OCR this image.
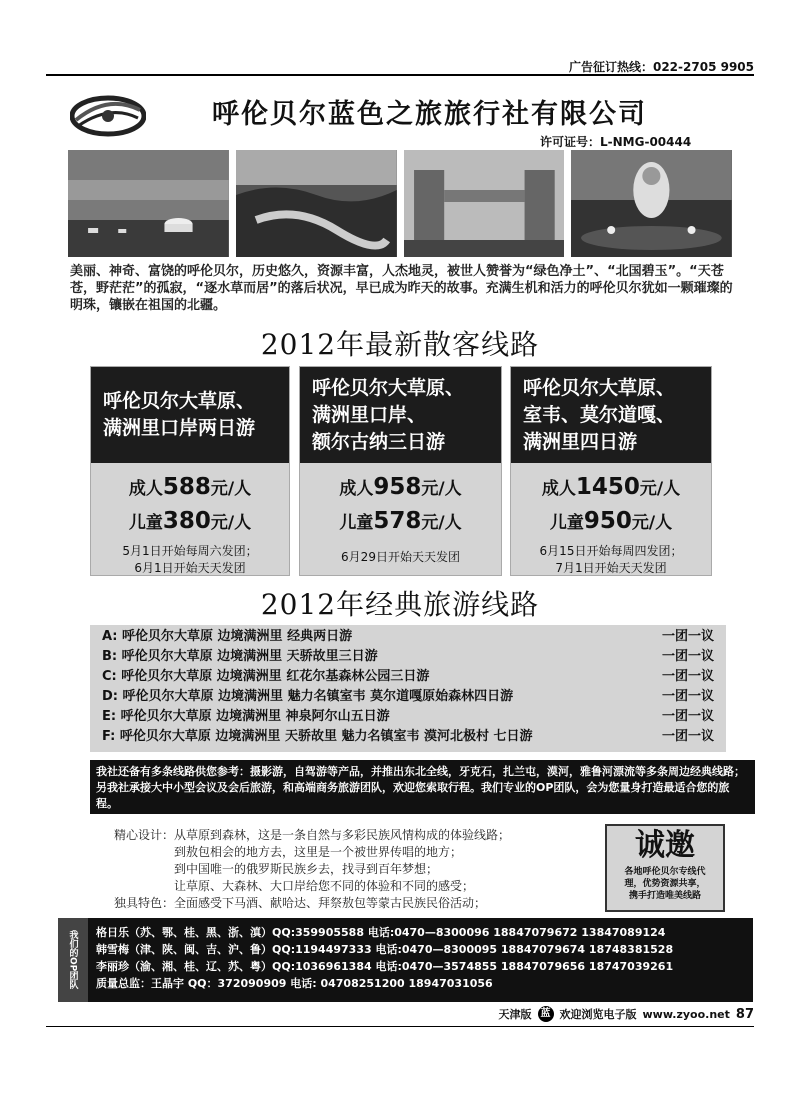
广告征订热线：022-2705 9905
呼伦贝尔蓝色之旅旅行社有限公司
许可证号：L-NMG-00444
美丽、神奇、富饶的呼伦贝尔，历史悠久，资源丰富，人杰地灵，被世人赞誉为“绿色净土”、“北国碧玉”。“天苍苍，野茫茫”的孤寂，“逐水草而居”的落后状况，早已成为昨天的故事。充满生机和活力的呼伦贝尔犹如一颗璀璨的明珠，镶嵌在祖国的北疆。
2012年最新散客线路
呼伦贝尔大草原、
满洲里口岸两日游
成人588元/人
儿童380元/人
5月1日开始每周六发团；
6月1日开始天天发团
呼伦贝尔大草原、
满洲里口岸、
额尔古纳三日游
成人958元/人
儿童578元/人
6月29日开始天天发团
呼伦贝尔大草原、
室韦、莫尔道嘎、
满洲里四日游
成人1450元/人
儿童950元/人
6月15日开始每周四发团；
7月1日开始天天发团
2012年经典旅游线路
A: 呼伦贝尔大草原 边境满洲里 经典两日游	一团一议
B: 呼伦贝尔大草原 边境满洲里 天骄故里三日游	一团一议
C: 呼伦贝尔大草原 边境满洲里 红花尔基森林公园三日游	一团一议
D: 呼伦贝尔大草原 边境满洲里 魅力名镇室韦 莫尔道嘎原始森林四日游	一团一议
E: 呼伦贝尔大草原 边境满洲里 神泉阿尔山五日游	一团一议
F: 呼伦贝尔大草原 边境满洲里 天骄故里 魅力名镇室韦 漠河北极村 七日游	一团一议
我社还备有多条线路供您参考：摄影游，自驾游等产品，并推出东北全线，牙克石，扎兰屯，漠河，雅鲁河漂流等多条周边经典线路；另我社承接大中小型会议及会后旅游，和高端商务旅游团队，欢迎您索取行程。我们专业的OP团队，会为您量身打造最适合您的旅程。
精心设计： 从草原到森林，这是一条自然与多彩民族风情构成的体验线路；
到敖包相会的地方去，这里是一个被世界传唱的地方；
到中国唯一的俄罗斯民族乡去，找寻到百年梦想；
让草原、大森林、大口岸给您不同的体验和不同的感受；
独具特色： 全面感受下马酒、献哈达、拜祭敖包等蒙古民族民俗活动；
诚邀
各地呼伦贝尔专线代
理，优势资源共享，
携手打造唯美线路
我们的OP团队	格日乐（苏、鄂、桂、黑、浙、滇）QQ:359905588 电话:0470—8300096 18847079672 13847089124
韩雪梅（津、陕、闽、吉、沪、鲁）QQ:1194497333 电话:0470—8300095 18847079674 18748381528
李丽珍（渝、湘、桂、辽、苏、粤）QQ:1036961384 电话:0470—3574855 18847079656 18747039261
质量总监：王晶宇 QQ：372090909 电话: 04708251200 18947031056
天津版 蓝 欢迎浏览电子版 www.zyoo.net 87
